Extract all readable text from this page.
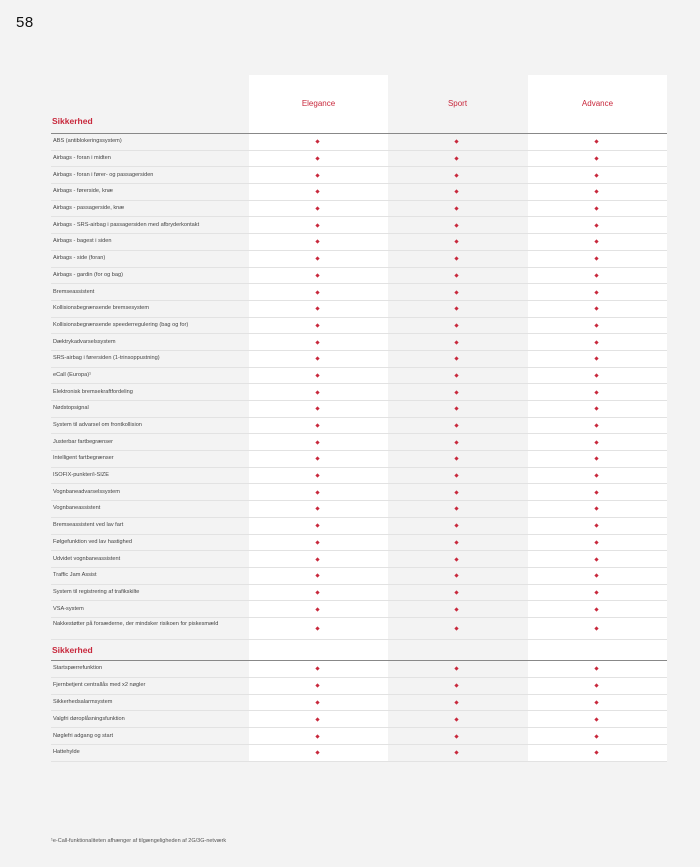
58
Elegance	Sport	Advance
Sikkerhed
ABS (antiblokeringssystem)
Airbags - foran i midten
Airbags - foran i fører- og passagersiden
Airbags - førerside, knæ
Airbags - passagerside, knæ
Airbags - SRS-airbag i passagersiden med afbryderkontakt
Airbags - bagest i siden
Airbags - side (foran)
Airbags - gardin (for og bag)
Bremseassistent
Kollisionsbegrænsende bremsesystem
Kollisionsbegrænsende speederregulering (bag og for)
Dæktrykadvarselssystem
SRS-airbag i førersiden (1-trinsoppustning)
eCall (Europa)¹
Elektronisk bremsekraftfordeling
Nødstopsignal
System til advarsel om frontkollision
Justerbar fartbegrænser
Intelligent fartbegrænser
ISOFIX-punkter/i-SIZE
Vognbaneadvarselssystem
Vognbaneassistent
Bremseassistent ved lav fart
Følgefunktion ved lav hastighed
Udvidet vognbaneassistent
Traffic Jam Assist
System til registrering af trafikskilte
VSA-system
Nakkestøtter på forsæderne, der mindsker risikoen for piskesmæld
Sikkerhed
Startspærrefunktion
Fjernbetjent centrallås med x2 nøgler
Sikkerhedsalarmsystem
Valgfri døroplåsningsfunktion
Nøglefri adgang og start
Hattehylde
¹e-Call-funktionaliteten afhænger af tilgængeligheden af 2G/3G-netværk
